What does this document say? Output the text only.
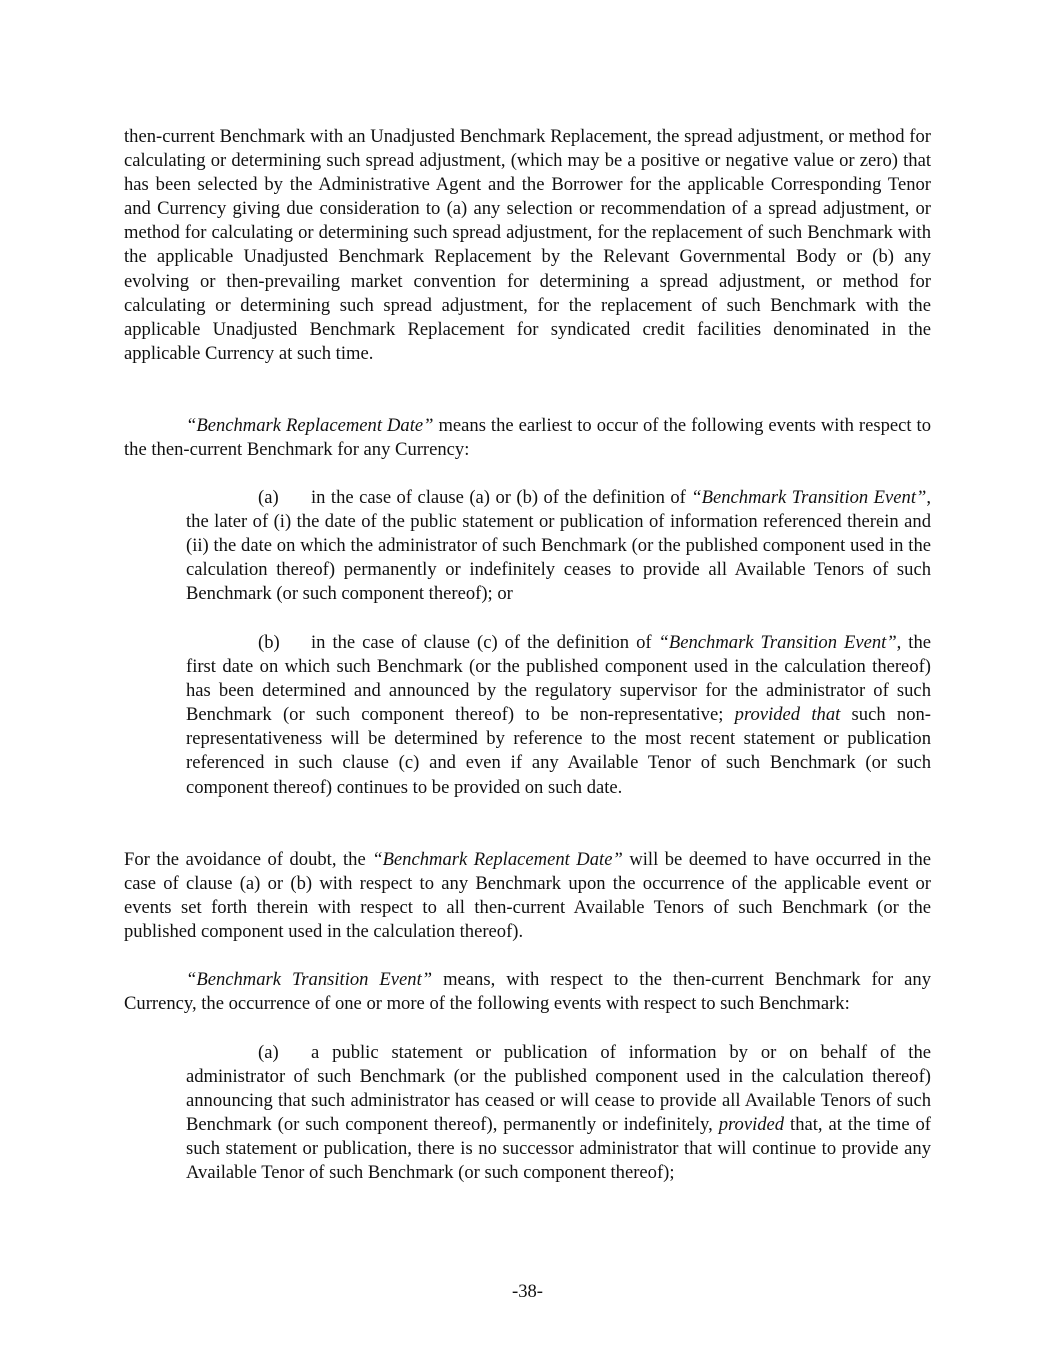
then-current Benchmark with an Unadjusted Benchmark Replacement, the spread adjustment, or method for calculating or determining such spread adjustment, (which may be a positive or negative value or zero) that has been selected by the Administrative Agent and the Borrower for the applicable Corresponding Tenor and Currency giving due consideration to (a) any selection or recommendation of a spread adjustment, or method for calculating or determining such spread adjustment, for the replacement of such Benchmark with the applicable Unadjusted Benchmark Replacement by the Relevant Governmental Body or (b) any evolving or then-prevailing market convention for determining a spread adjustment, or method for calculating or determining such spread adjustment, for the replacement of such Benchmark with the applicable Unadjusted Benchmark Replacement for syndicated credit facilities denominated in the applicable Currency at such time.

“Benchmark Replacement Date” means the earliest to occur of the following events with respect to the then-current Benchmark for any Currency:

(a) in the case of clause (a) or (b) of the definition of “Benchmark Transition Event”, the later of (i) the date of the public statement or publication of information referenced therein and (ii) the date on which the administrator of such Benchmark (or the published component used in the calculation thereof) permanently or indefinitely ceases to provide all Available Tenors of such Benchmark (or such component thereof); or

(b) in the case of clause (c) of the definition of “Benchmark Transition Event”, the first date on which such Benchmark (or the published component used in the calculation thereof) has been determined and announced by the regulatory supervisor for the administrator of such Benchmark (or such component thereof) to be non-representative; provided that such non-representativeness will be determined by reference to the most recent statement or publication referenced in such clause (c) and even if any Available Tenor of such Benchmark (or such component thereof) continues to be provided on such date.

For the avoidance of doubt, the “Benchmark Replacement Date” will be deemed to have occurred in the case of clause (a) or (b) with respect to any Benchmark upon the occurrence of the applicable event or events set forth therein with respect to all then-current Available Tenors of such Benchmark (or the published component used in the calculation thereof).

“Benchmark Transition Event” means, with respect to the then-current Benchmark for any Currency, the occurrence of one or more of the following events with respect to such Benchmark:

(a) a public statement or publication of information by or on behalf of the administrator of such Benchmark (or the published component used in the calculation thereof) announcing that such administrator has ceased or will cease to provide all Available Tenors of such Benchmark (or such component thereof), permanently or indefinitely, provided that, at the time of such statement or publication, there is no successor administrator that will continue to provide any Available Tenor of such Benchmark (or such component thereof);

-38-
